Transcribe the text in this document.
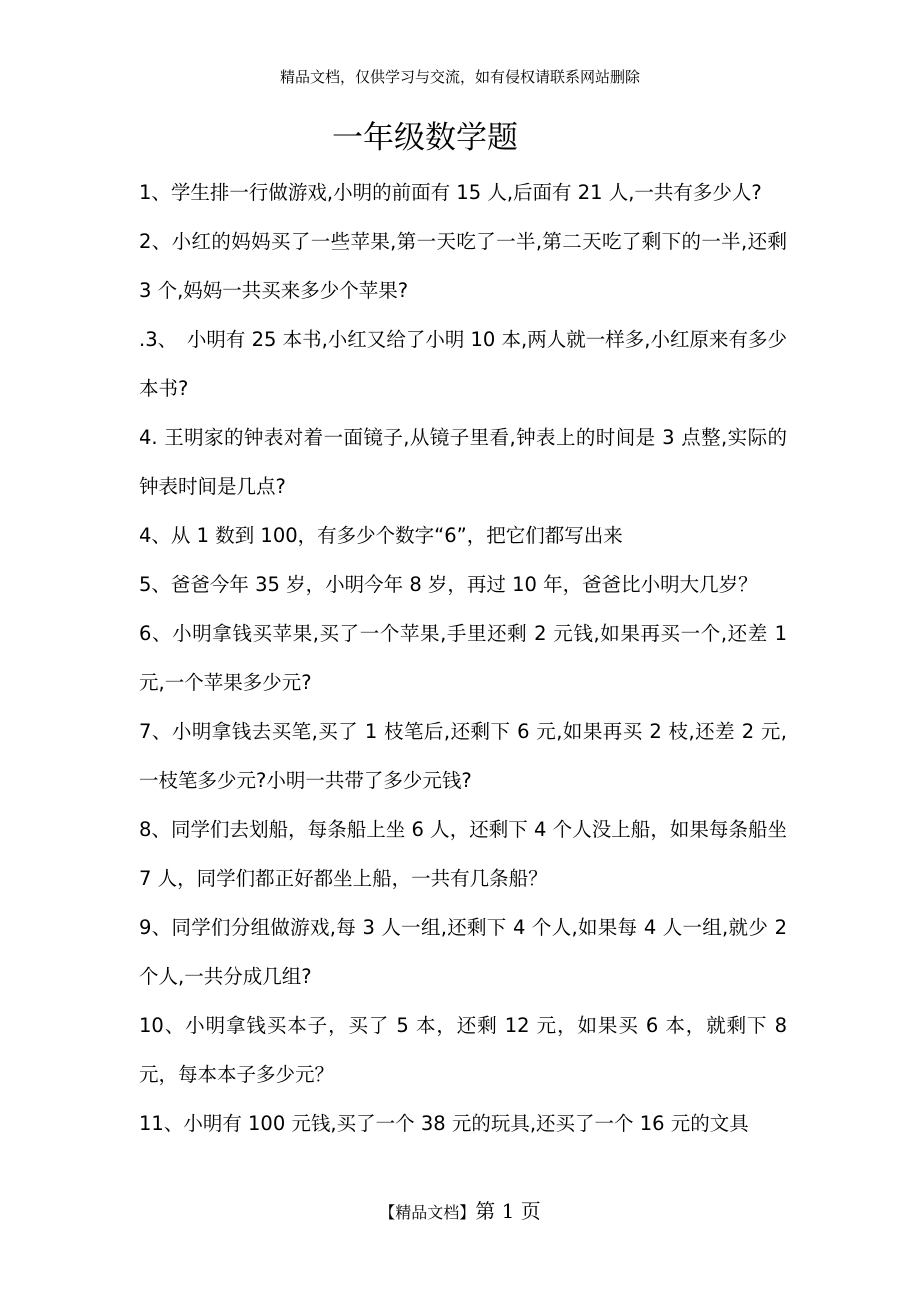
精品文档，仅供学习与交流，如有侵权请联系网站删除
一年级数学题

1、学生排一行做游戏,小明的前面有 15 人,后面有 21 人,一共有多少人?

2、小红的妈妈买了一些苹果,第一天吃了一半,第二天吃了剩下的一半,还剩 3 个,妈妈一共买来多少个苹果?

.3、　小明有 25 本书,小红又给了小明 10 本,两人就一样多,小红原来有多少本书?

4. 王明家的钟表对着一面镜子,从镜子里看,钟表上的时间是 3 点整,实际的钟表时间是几点?

4、从 1 数到 100，有多少个数字“6”，把它们都写出来

5、爸爸今年 35 岁，小明今年 8 岁，再过 10 年，爸爸比小明大几岁？

6、小明拿钱买苹果,买了一个苹果,手里还剩 2 元钱,如果再买一个,还差 1 元,一个苹果多少元?

7、小明拿钱去买笔,买了 1 枝笔后,还剩下 6 元,如果再买 2 枝,还差 2 元,一枝笔多少元?小明一共带了多少元钱?

8、同学们去划船，每条船上坐 6 人，还剩下 4 个人没上船，如果每条船坐 7 人，同学们都正好都坐上船，一共有几条船？

9、同学们分组做游戏,每 3 人一组,还剩下 4 个人,如果每 4 人一组,就少 2 个人,一共分成几组?

10、小明拿钱买本子，买了 5 本，还剩 12 元，如果买 6 本，就剩下 8 元，每本本子多少元？

11、小明有 100 元钱,买了一个 38 元的玩具,还买了一个 16 元的文具

【精品文档】第 1 页
